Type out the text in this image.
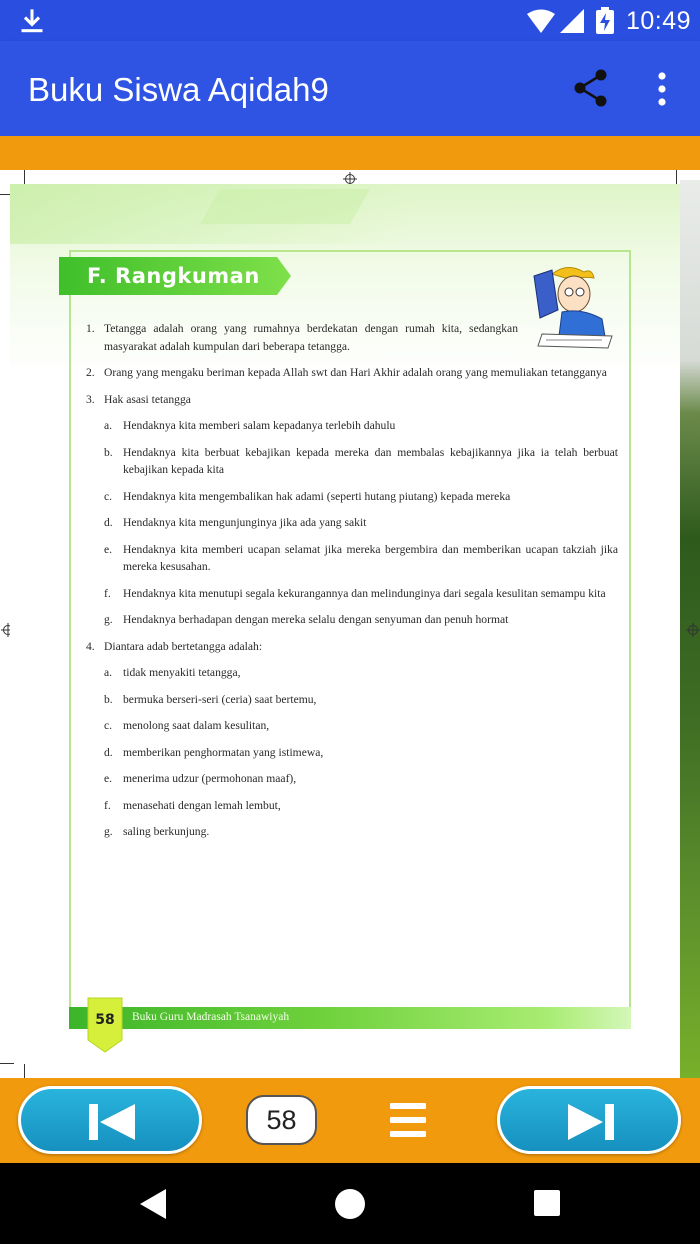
10:49
Buku Siswa Aqidah9
F. Rangkuman
1. Tetangga adalah orang yang rumahnya berdekatan dengan rumah kita, sedangkan masyarakat adalah kumpulan dari beberapa tetangga.
2. Orang yang mengaku beriman kepada Allah swt dan Hari Akhir adalah orang yang memuliakan tetangganya
3. Hak asasi tetangga
a. Hendaknya kita memberi salam kepadanya terlebih dahulu
b. Hendaknya kita berbuat kebajikan kepada mereka dan membalas kebajikannya jika ia telah berbuat kebajikan kepada kita
c. Hendaknya kita mengembalikan hak adami (seperti hutang piutang) kepada mereka
d. Hendaknya kita mengunjunginya jika ada yang sakit
e. Hendaknya kita memberi ucapan selamat jika mereka bergembira dan memberikan ucapan takziah jika mereka kesusahan.
f. Hendaknya kita menutupi segala kekurangannya dan melindunginya dari segala kesulitan semampu kita
g. Hendaknya berhadapan dengan mereka selalu dengan senyuman dan penuh hormat
4. Diantara adab bertetangga adalah:
a. tidak menyakiti tetangga,
b. bermuka berseri-seri (ceria) saat bertemu,
c. menolong saat dalam kesulitan,
d. memberikan penghormatan yang istimewa,
e. menerima udzur (permohonan maaf),
f. menasehati dengan lemah lembut,
g. saling berkunjung.
Buku Guru Madrasah Tsanawiyah
58
58
